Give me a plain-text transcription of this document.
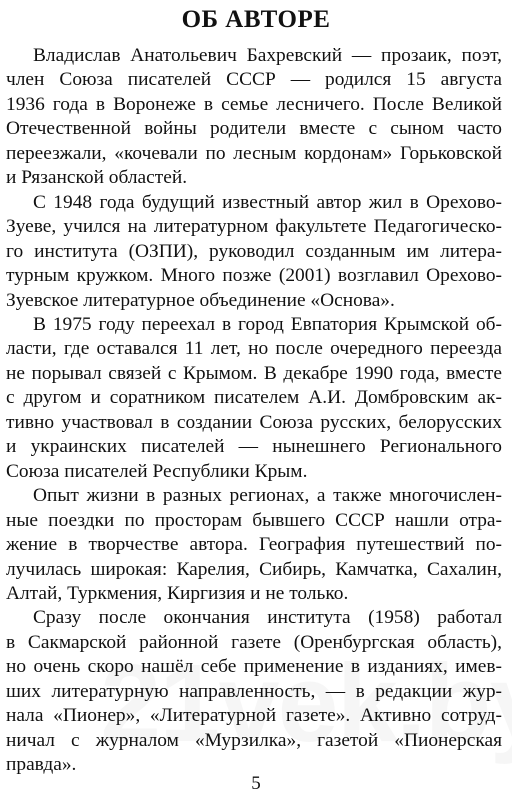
ОБ АВТОРЕ
Владислав Анатольевич Бахревский — прозаик, поэт,
член Союза писателей СССР — родился 15 августа
1936 года в Воронеже в семье лесничего. После Великой
Отечественной войны родители вместе с сыном часто
переезжали, «кочевали по лесным кордонам» Горьковской
и Рязанской областей.
С 1948 года будущий известный автор жил в Орехово-
Зуеве, учился на литературном факультете Педагогическо-
го института (ОЗПИ), руководил созданным им литера-
турным кружком. Много позже (2001) возглавил Орехово-
Зуевское литературное объединение «Основа».
В 1975 году переехал в город Евпатория Крымской об-
ласти, где оставался 11 лет, но после очередного переезда
не порывал связей с Крымом. В декабре 1990 года, вместе
с другом и соратником писателем А.И. Домбровским ак-
тивно участвовал в создании Союза русских, белорусских
и украинских писателей — нынешнего Регионального
Союза писателей Республики Крым.
Опыт жизни в разных регионах, а также многочислен-
ные поездки по просторам бывшего СССР нашли отра-
жение в творчестве автора. География путешествий по-
лучилась широкая: Карелия, Сибирь, Камчатка, Сахалин,
Алтай, Туркмения, Киргизия и не только.
Сразу после окончания института (1958) работал
в Сакмарской районной газете (Оренбургская область),
но очень скоро нашёл себе применение в изданиях, имев-
ших литературную направленность, — в редакции жур-
нала «Пионер», «Литературной газете». Активно сотруд-
ничал с журналом «Мурзилка», газетой «Пионерская
правда».
5
